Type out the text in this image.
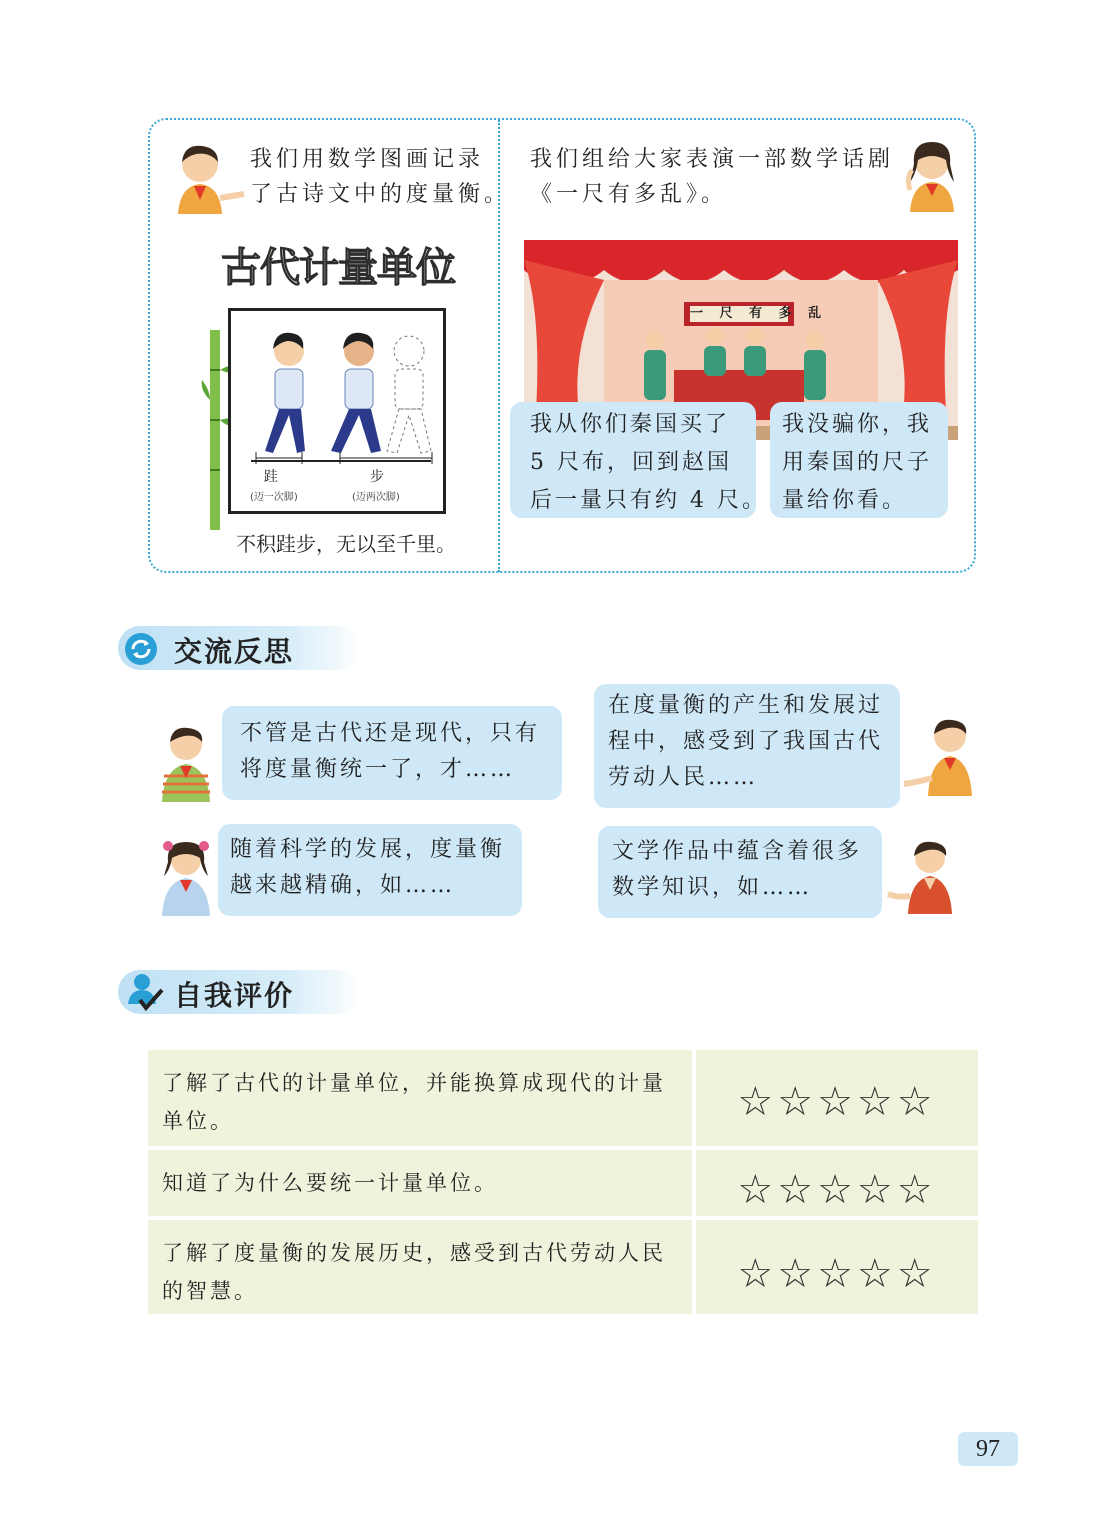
我们用数学图画记录
了古诗文中的度量衡。
我们组给大家表演一部数学话剧
《一尺有多乱》。
古代计量单位
跬
(迈一次脚)
步
(迈两次脚)
不积跬步，无以至千里。
一 尺 有 多 乱
我从你们秦国买了
5 尺布，回到赵国
后一量只有约 4 尺。
我没骗你，我
用秦国的尺子
量给你看。
交流反思
不管是古代还是现代，只有
将度量衡统一了，才……
在度量衡的产生和发展过
程中，感受到了我国古代
劳动人民……
随着科学的发展，度量衡
越来越精确，如……
文学作品中蕴含着很多
数学知识，如……
自我评价
了解了古代的计量单位，并能换算成现代的计量
单位。	☆☆☆☆☆
知道了为什么要统一计量单位。	☆☆☆☆☆
了解了度量衡的发展历史，感受到古代劳动人民
的智慧。	☆☆☆☆☆
97
